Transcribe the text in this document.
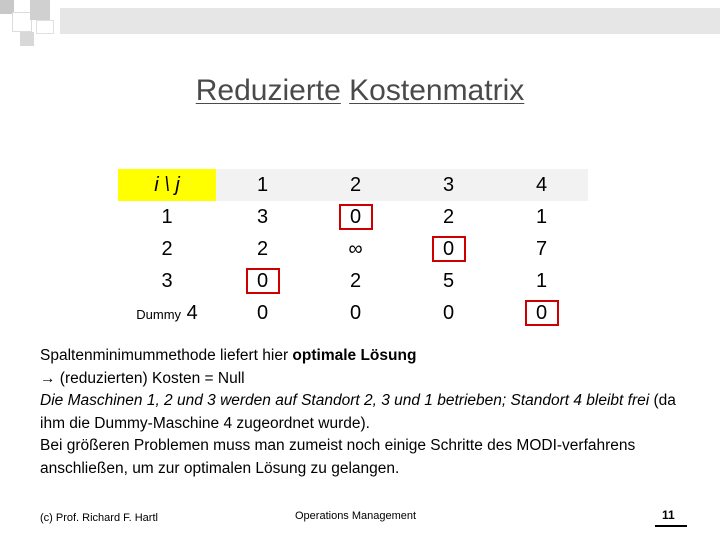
Reduzierte Kostenmatrix
i \ j	1	2	3	4
1	3	0	2	1
2	2	∞	0	7
3	0	2	5	1
Dummy 4	0	0	0	0

Spaltenminimummethode liefert hier optimale Lösung

→ (reduzierten) Kosten = Null

Die Maschinen 1, 2 und 3 werden auf Standort 2, 3 und 1 betrieben; Standort 4 bleibt frei (da ihm die Dummy-Maschine 4 zugeordnet wurde).

Bei größeren Problemen muss man zumeist noch einige Schritte des MODI-verfahrens anschließen, um zur optimalen Lösung zu gelangen.

(c) Prof. Richard F. Hartl	Operations Management	11
